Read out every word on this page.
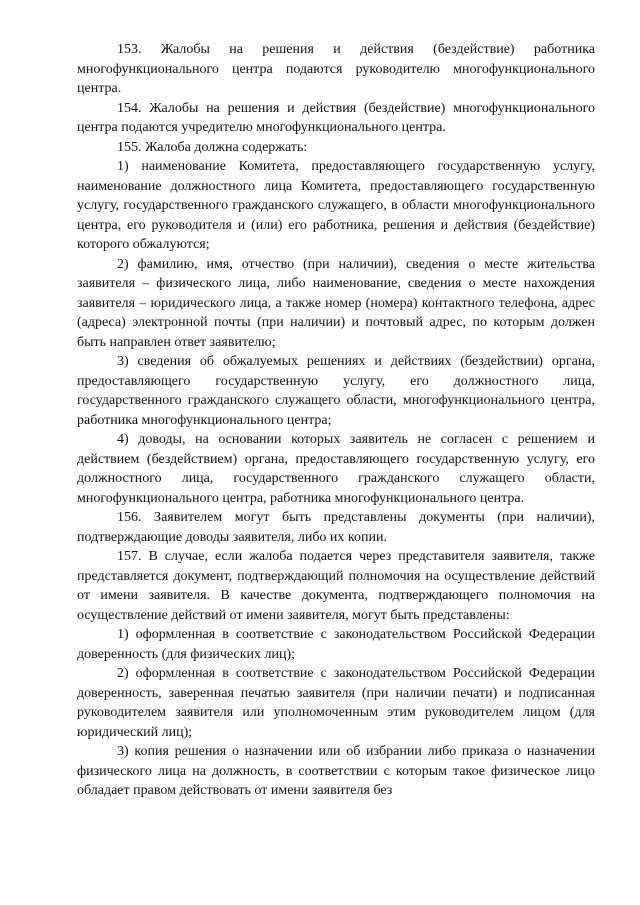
153. Жалобы на решения и действия (бездействие) работника многофункционального центра подаются руководителю многофункционального центра.

154. Жалобы на решения и действия (бездействие) многофункционального центра подаются учредителю многофункционального центра.

155. Жалоба должна содержать:

1) наименование Комитета, предоставляющего государственную услугу, наименование должностного лица Комитета, предоставляющего государственную услугу, государственного гражданского служащего, в области многофункционального центра, его руководителя и (или) его работника, решения и действия (бездействие) которого обжалуются;

2) фамилию, имя, отчество (при наличии), сведения о месте жительства заявителя – физического лица, либо наименование, сведения о месте нахождения заявителя – юридического лица, а также номер (номера) контактного телефона, адрес (адреса) электронной почты (при наличии) и почтовый адрес, по которым должен быть направлен ответ заявителю;

3) сведения об обжалуемых решениях и действиях (бездействии) органа, предоставляющего государственную услугу, его должностного лица, государственного гражданского служащего области, многофункционального центра, работника многофункционального центра;

4) доводы, на основании которых заявитель не согласен с решением и действием (бездействием) органа, предоставляющего государственную услугу, его должностного лица, государственного гражданского служащего области, многофункционального центра, работника многофункционального центра.

156. Заявителем могут быть представлены документы (при наличии), подтверждающие доводы заявителя, либо их копии.

157. В случае, если жалоба подается через представителя заявителя, также представляется документ, подтверждающий полномочия на осуществление действий от имени заявителя. В качестве документа, подтверждающего полномочия на осуществление действий от имени заявителя, могут быть представлены:

1) оформленная в соответствие с законодательством Российской Федерации доверенность (для физических лиц);

2) оформленная в соответствие с законодательством Российской Федерации доверенность, заверенная печатью заявителя (при наличии печати) и подписанная руководителем заявителя или уполномоченным этим руководителем лицом (для юридический лиц);

3) копия решения о назначении или об избрании либо приказа о назначении физического лица на должность, в соответствии с которым такое физическое лицо обладает правом действовать от имени заявителя без
